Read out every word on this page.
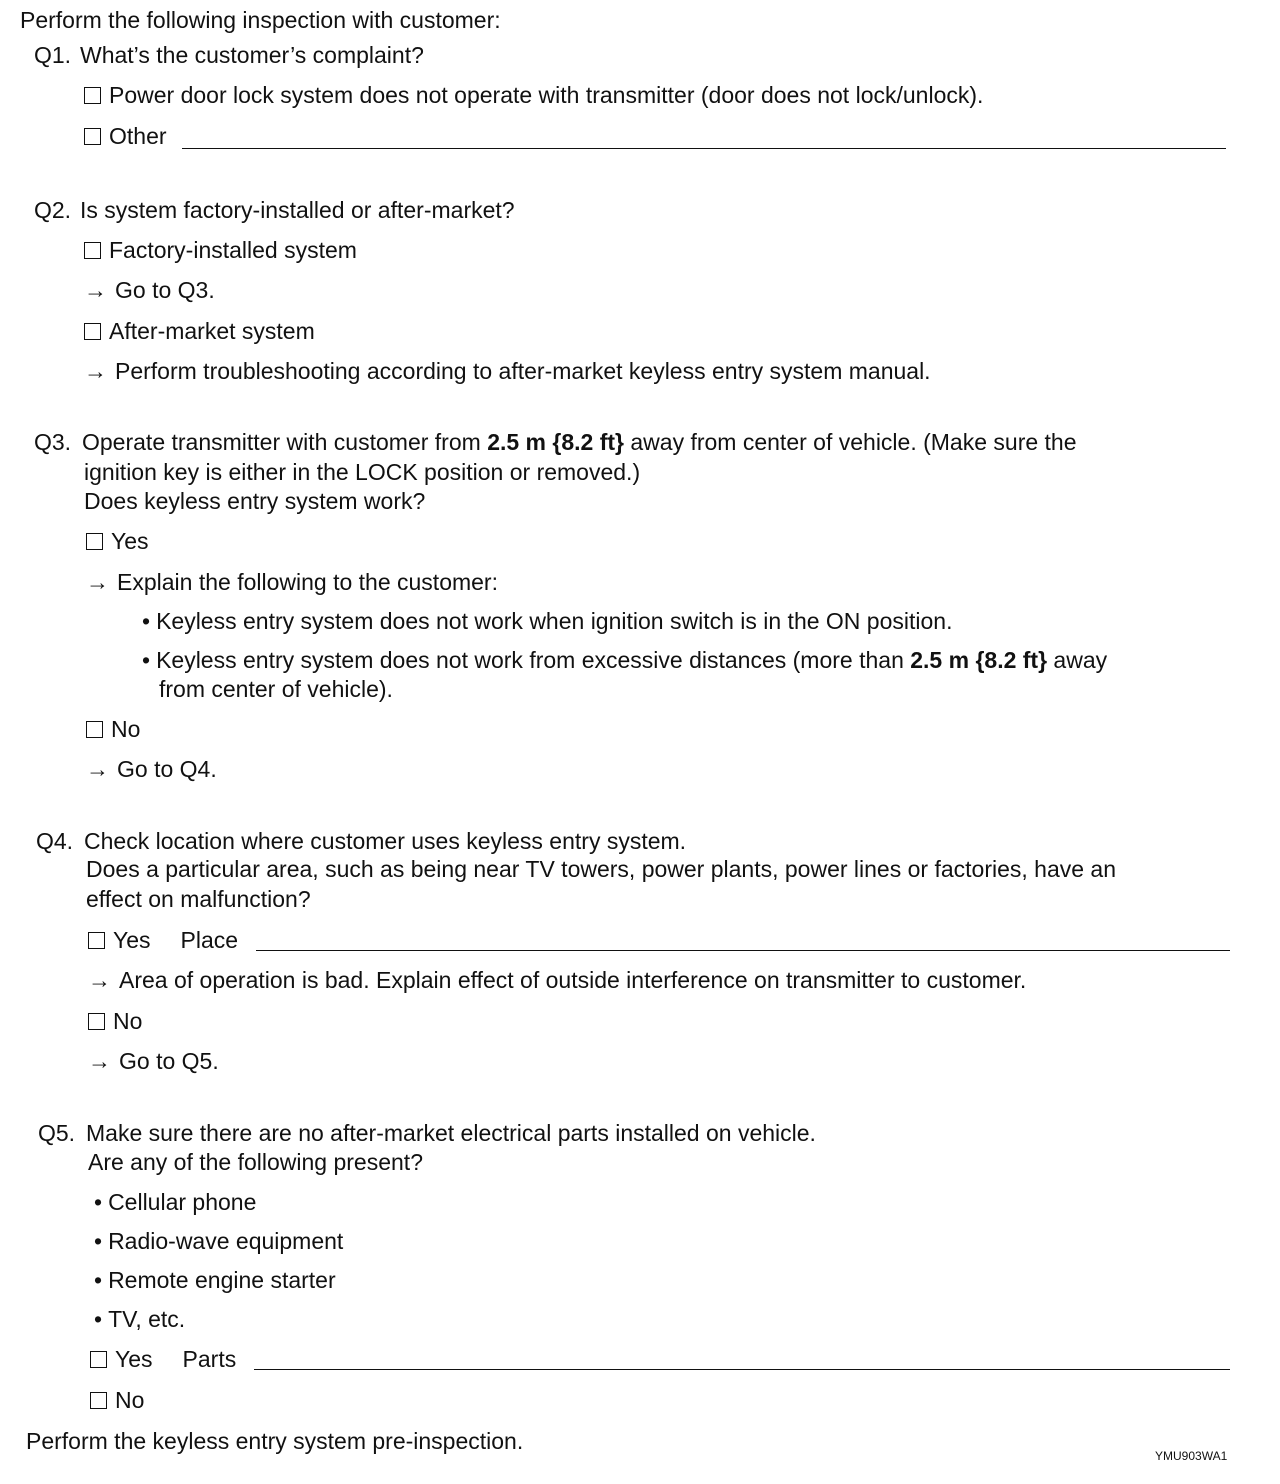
Perform the following inspection with customer:
Q1. What’s the customer’s complaint?
Power door lock system does not operate with transmitter (door does not lock/unlock).
Other
Q2. Is system factory-installed or after-market?
Factory-installed system
→ Go to Q3.
After-market system
→ Perform troubleshooting according to after-market keyless entry system manual.
Q3. Operate transmitter with customer from 2.5 m {8.2 ft} away from center of vehicle. (Make sure the
ignition key is either in the LOCK position or removed.)
Does keyless entry system work?
Yes
→ Explain the following to the customer:
• Keyless entry system does not work when ignition switch is in the ON position.
• Keyless entry system does not work from excessive distances (more than 2.5 m {8.2 ft} away
from center of vehicle).
No
→ Go to Q4.
Q4. Check location where customer uses keyless entry system.
Does a particular area, such as being near TV towers, power plants, power lines or factories, have an
effect on malfunction?
Yes Place
→ Area of operation is bad. Explain effect of outside interference on transmitter to customer.
No
→ Go to Q5.
Q5. Make sure there are no after-market electrical parts installed on vehicle.
Are any of the following present?
• Cellular phone
• Radio-wave equipment
• Remote engine starter
• TV, etc.
Yes Parts
No
Perform the keyless entry system pre-inspection.
YMU903WA1
